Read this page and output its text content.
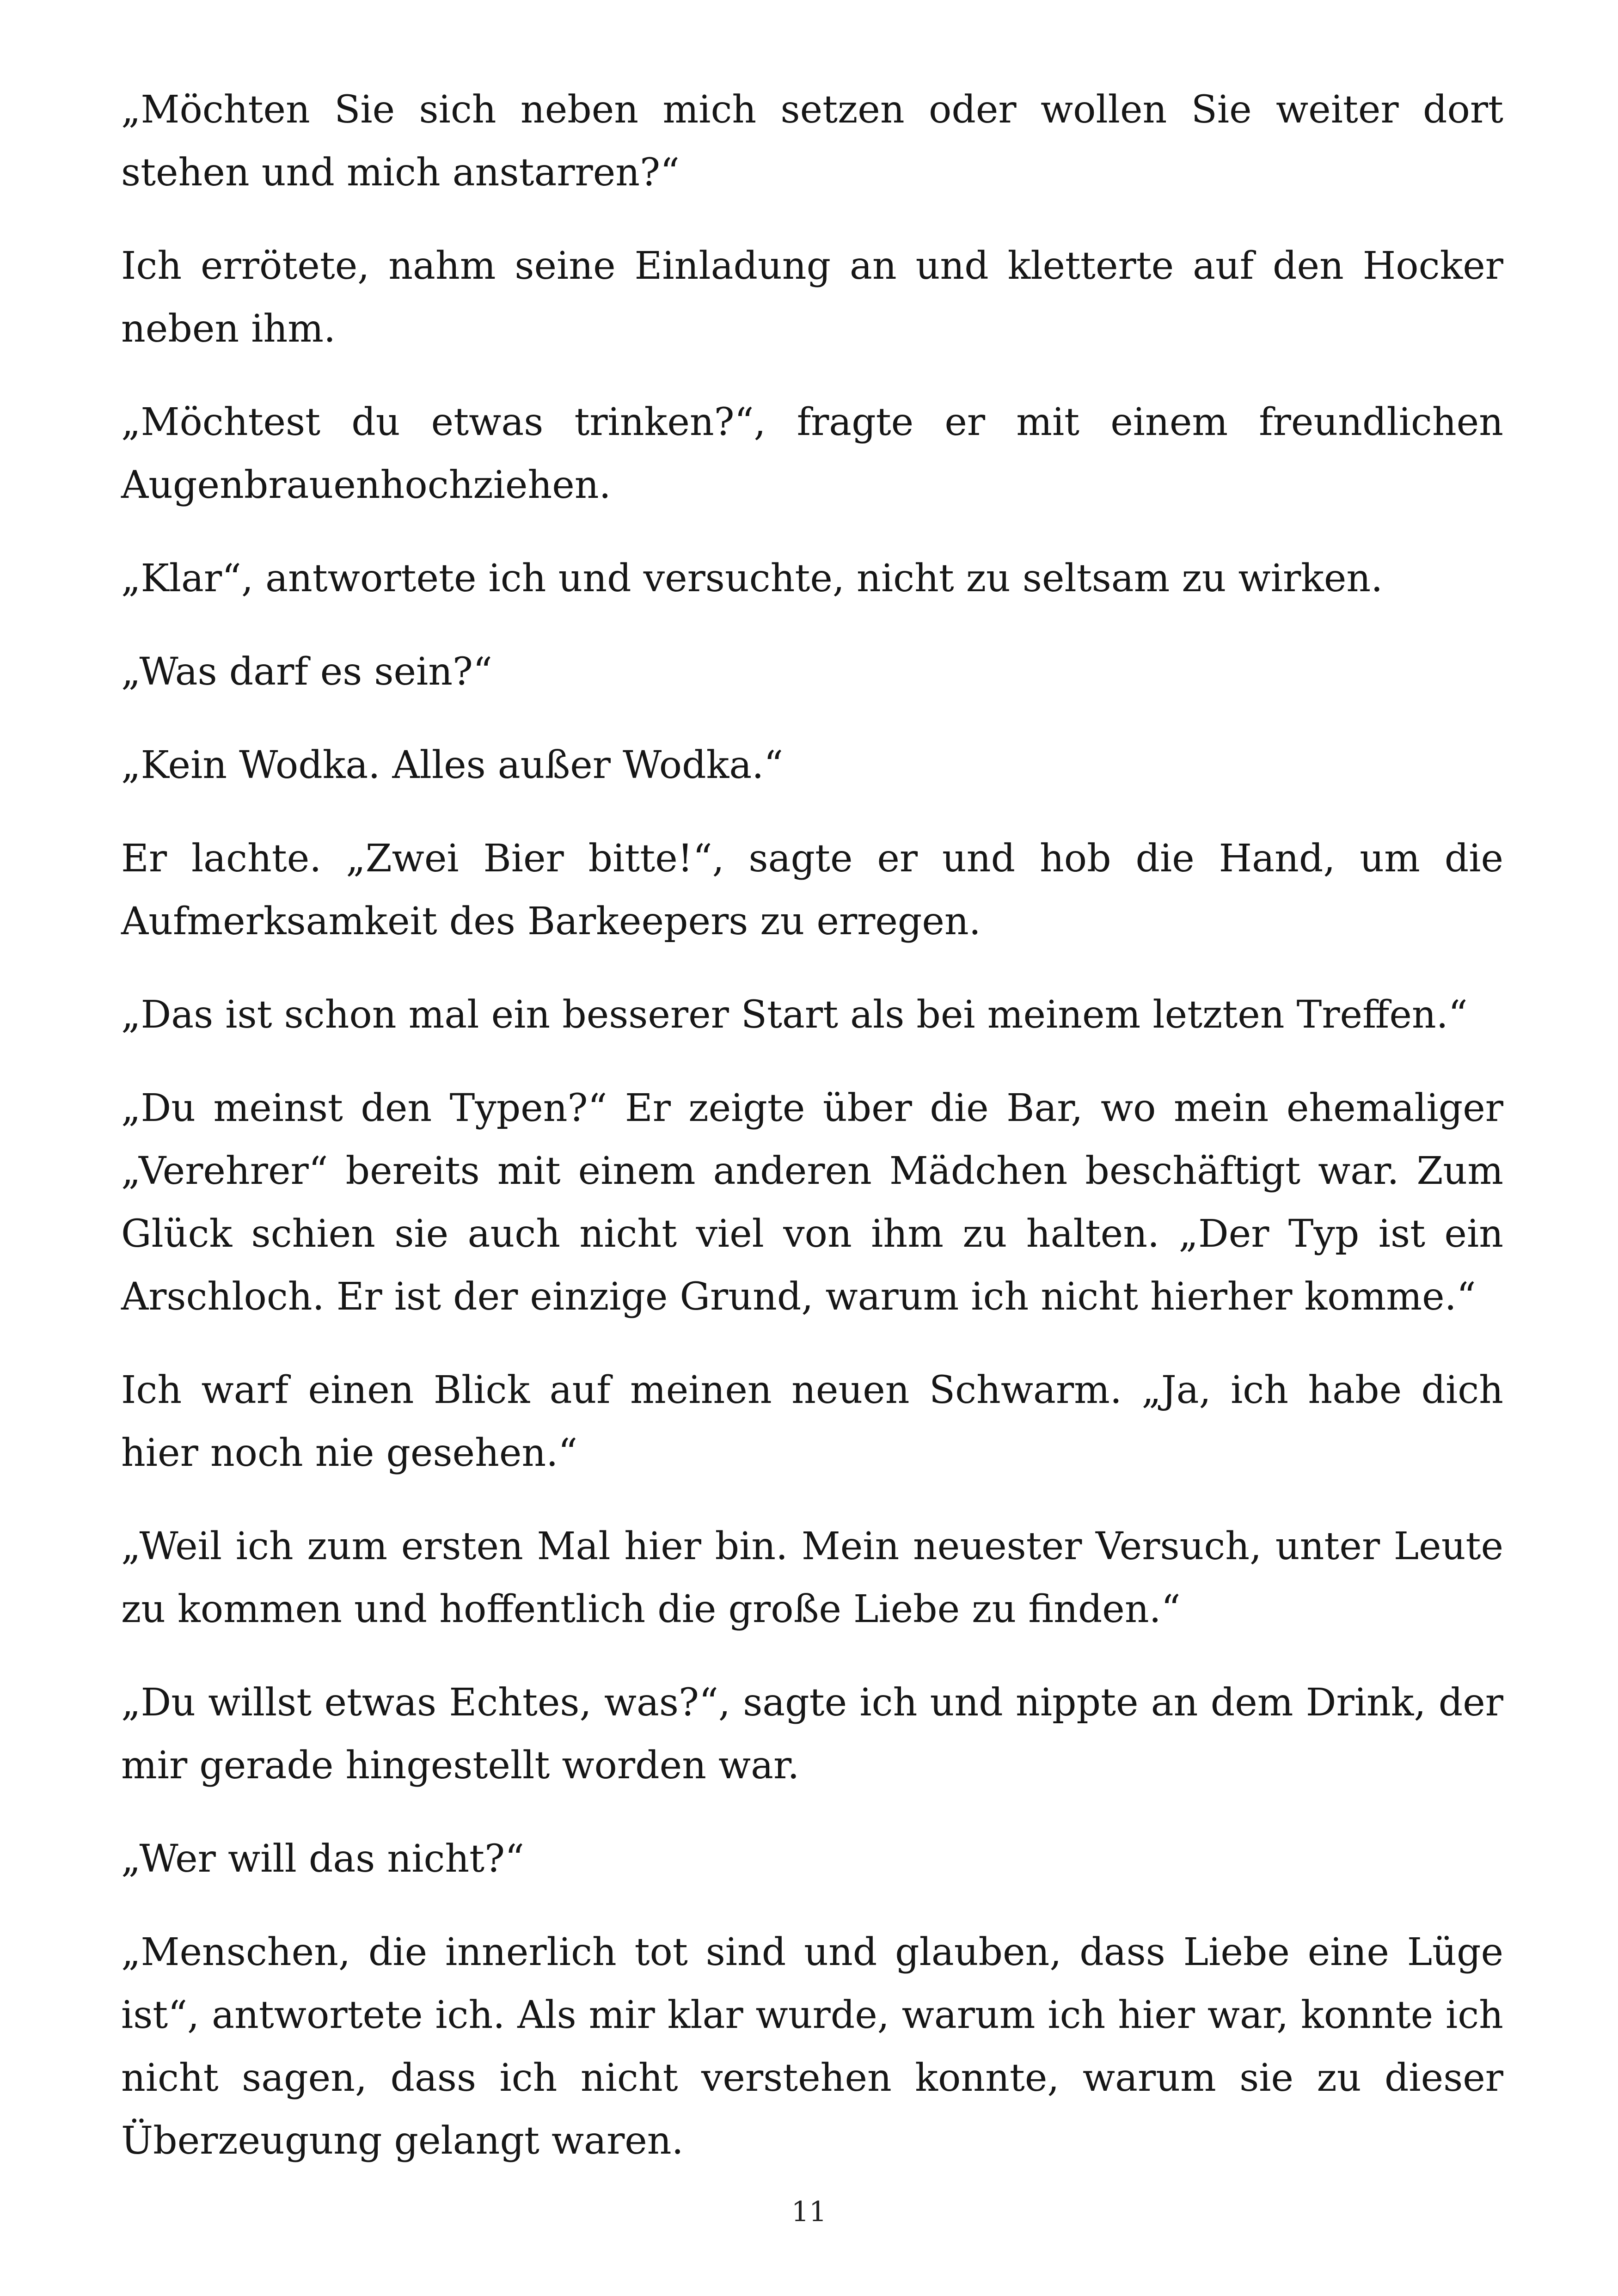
„Möchten Sie sich neben mich setzen oder wollen Sie weiter dort stehen und mich anstarren?“

Ich errötete, nahm seine Einladung an und kletterte auf den Hocker neben ihm.

„Möchtest du etwas trinken?“, fragte er mit einem freundlichen Augenbrauenhochziehen.

„Klar“, antwortete ich und versuchte, nicht zu seltsam zu wirken.

„Was darf es sein?“

„Kein Wodka. Alles außer Wodka.“

Er lachte. „Zwei Bier bitte!“, sagte er und hob die Hand, um die Aufmerksamkeit des Barkeepers zu erregen.

„Das ist schon mal ein besserer Start als bei meinem letzten Treffen.“

„Du meinst den Typen?“ Er zeigte über die Bar, wo mein ehemaliger „Verehrer“ bereits mit einem anderen Mädchen beschäftigt war. Zum Glück schien sie auch nicht viel von ihm zu halten. „Der Typ ist ein Arschloch. Er ist der einzige Grund, warum ich nicht hierher komme.“

Ich warf einen Blick auf meinen neuen Schwarm. „Ja, ich habe dich hier noch nie gesehen.“

„Weil ich zum ersten Mal hier bin. Mein neuester Versuch, unter Leute zu kommen und hoffentlich die große Liebe zu finden.“

„Du willst etwas Echtes, was?“, sagte ich und nippte an dem Drink, der mir gerade hingestellt worden war.

„Wer will das nicht?“

„Menschen, die innerlich tot sind und glauben, dass Liebe eine Lüge ist“, antwortete ich. Als mir klar wurde, warum ich hier war, konnte ich nicht sagen, dass ich nicht verstehen konnte, warum sie zu dieser Überzeugung gelangt waren.

11
